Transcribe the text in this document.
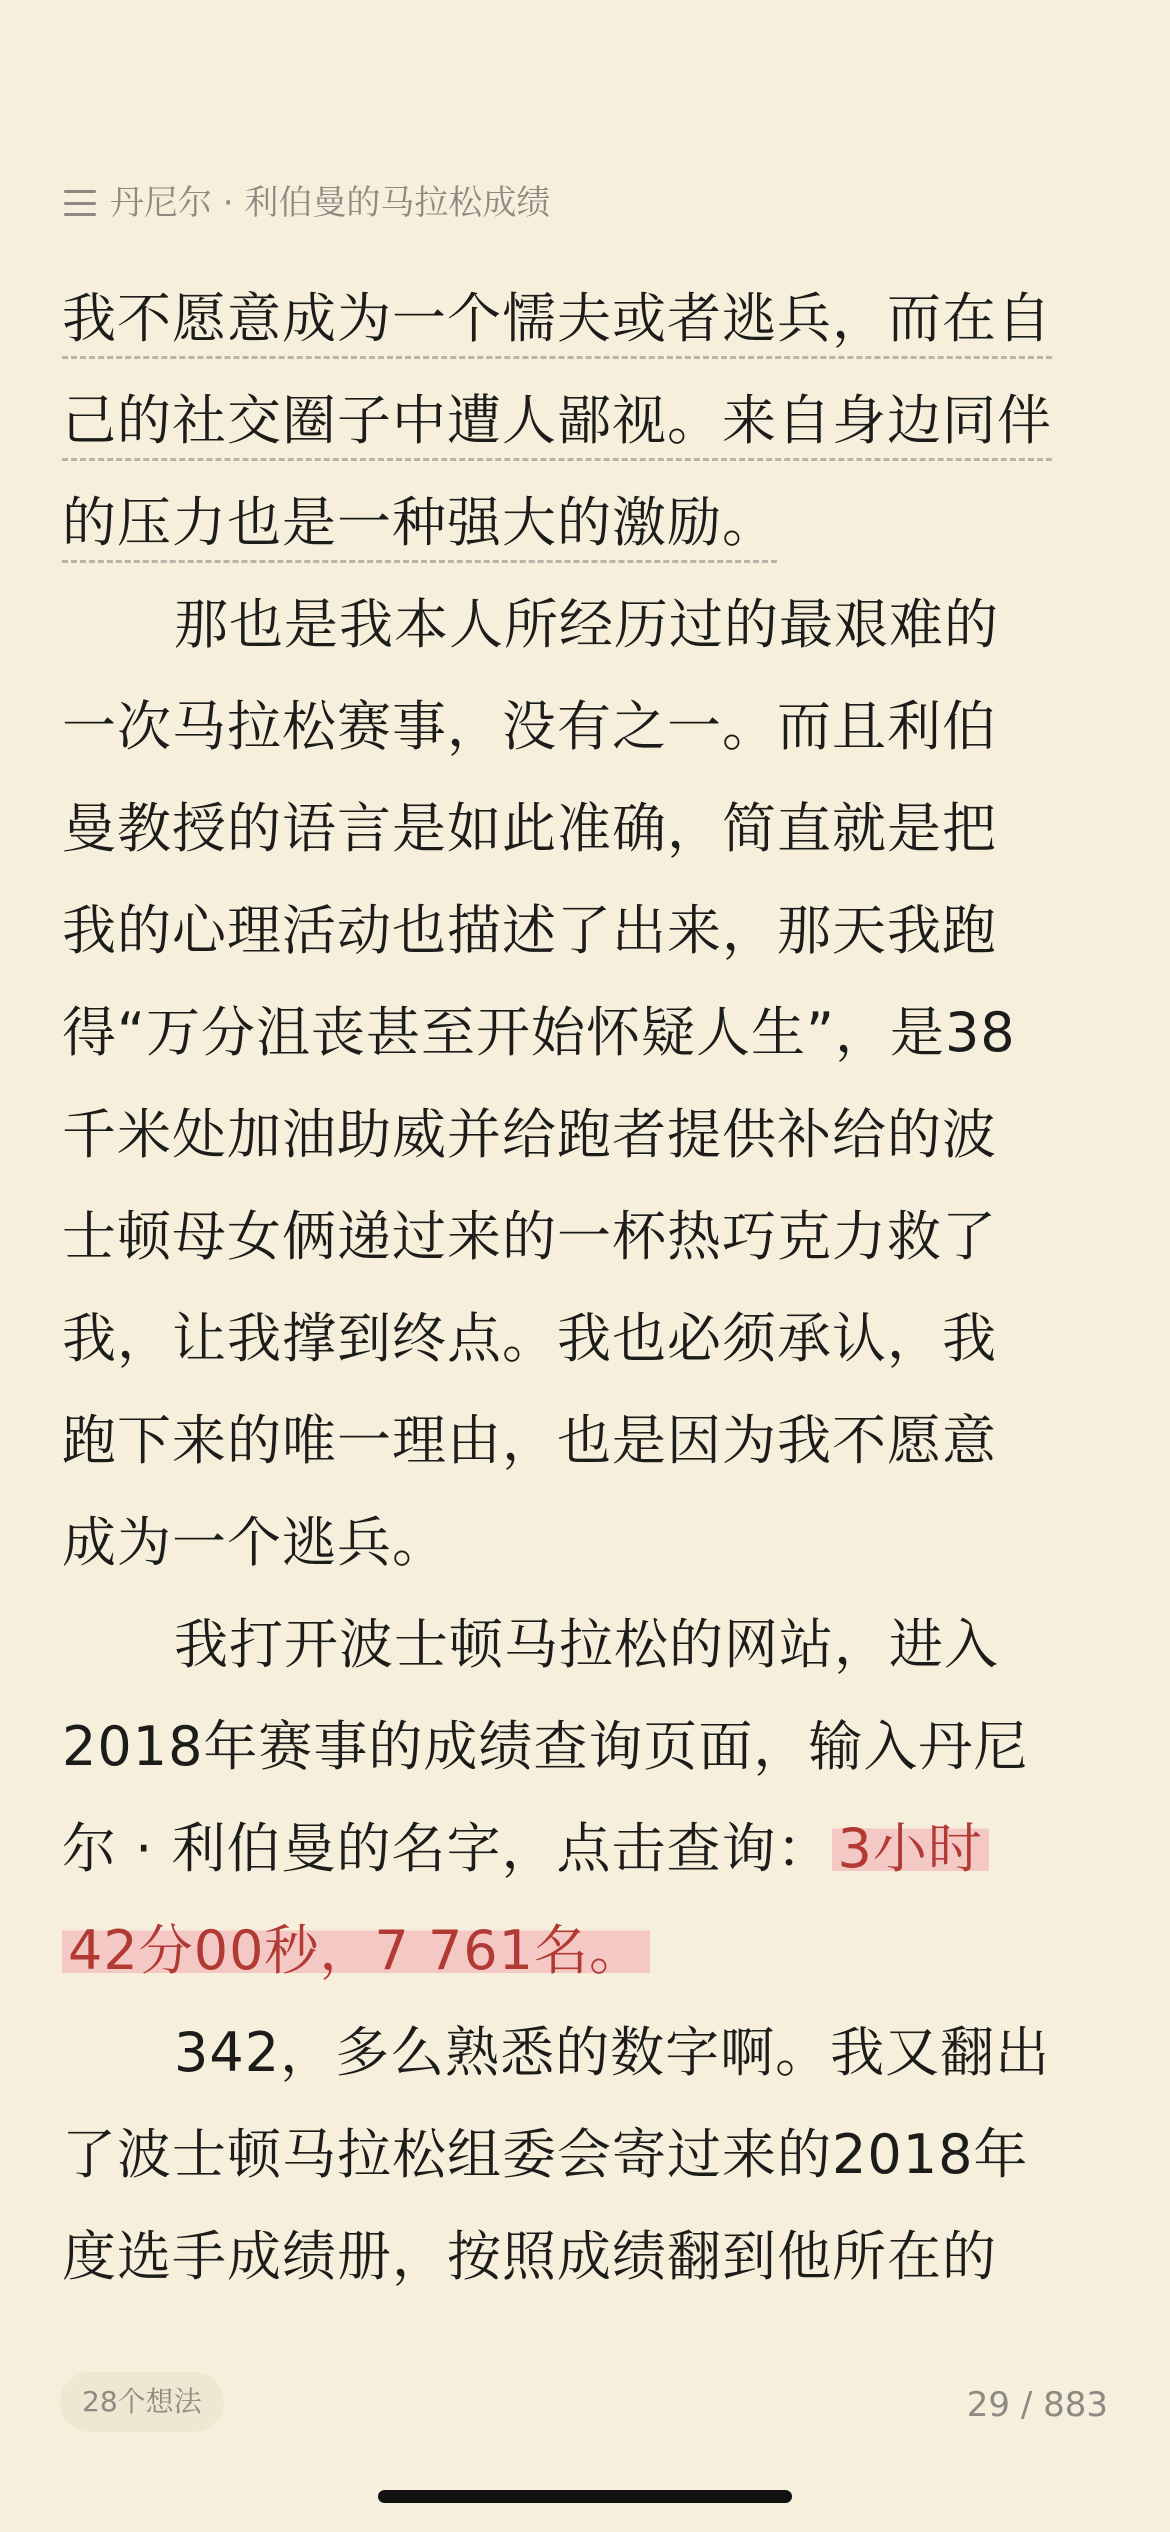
丹尼尔 · 利伯曼的马拉松成绩
我不愿意成为一个懦夫或者逃兵，而在自
己的社交圈子中遭人鄙视。来自身边同伴
的压力也是一种强大的激励。
那也是我本人所经历过的最艰难的
一次马拉松赛事，没有之一。而且利伯
曼教授的语言是如此准确，简直就是把
我的心理活动也描述了出来，那天我跑
得“万分沮丧甚至开始怀疑人生”，是38
千米处加油助威并给跑者提供补给的波
士顿母女俩递过来的一杯热巧克力救了
我，让我撑到终点。我也必须承认，我
跑下来的唯一理由，也是因为我不愿意
成为一个逃兵。
我打开波士顿马拉松的网站，进入
2018年赛事的成绩查询页面，输入丹尼
尔 · 利伯曼的名字，点击查询： 3小时
42分00秒，7 761名。
342，多么熟悉的数字啊。我又翻出
了波士顿马拉松组委会寄过来的2018年
度选手成绩册，按照成绩翻到他所在的
28个想法	29 / 883
